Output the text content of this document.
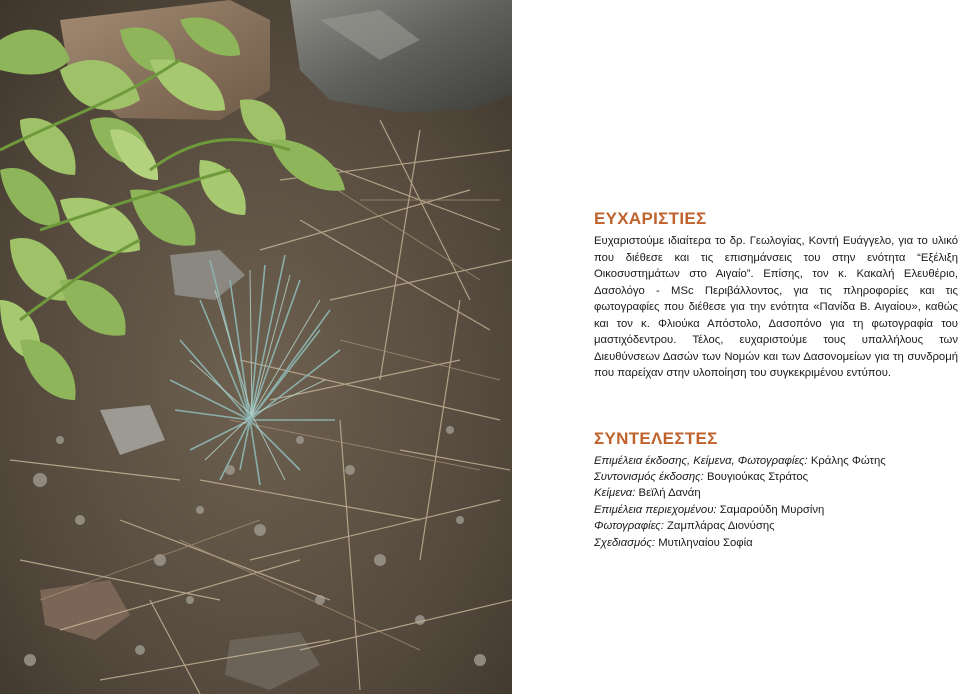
ΕΥΧΑΡΙΣΤΙΕΣ

Ευχαριστούμε ιδιαίτερα το δρ. Γεωλογίας, Κοντή Ευάγγελο, για το υλικό που διέθεσε και τις επισημάνσεις του στην ενότητα “Εξέλιξη Οικοσυστημάτων στο Αιγαίο”. Επίσης, τον κ. Κακαλή Ελευθέριο, Δασολόγο - MSc Περιβάλλοντος, για τις πληροφορίες και τις φωτογραφίες που διέθεσε για την ενότητα «Πανίδα Β. Αιγαίου», καθώς και τον κ. Φλιούκα Απόστολο, Δασοπόνο για τη φωτογραφία του μαστιχόδεντρου. Τέλος, ευχαριστούμε τους υπαλλήλους των Διευθύνσεων Δασών των Νομών και των Δασονομείων για τη συνδρομή που παρείχαν στην υλοποίηση του συγκεκριμένου εντύπου.

ΣΥΝΤΕΛΕΣΤΕΣ

Επιμέλεια έκδοσης, Κείμενα, Φωτογραφίες: Κράλης Φώτης

Συντονισμός έκδοσης: Βουγιούκας Στράτος

Κείμενα: Βεϊλή Δανάη

Επιμέλεια περιεχομένου: Σαμαρούδη Μυρσίνη

Φωτογραφίες: Ζαμπλάρας Διονύσης

Σχεδιασμός: Μυτιληναίου Σοφία
